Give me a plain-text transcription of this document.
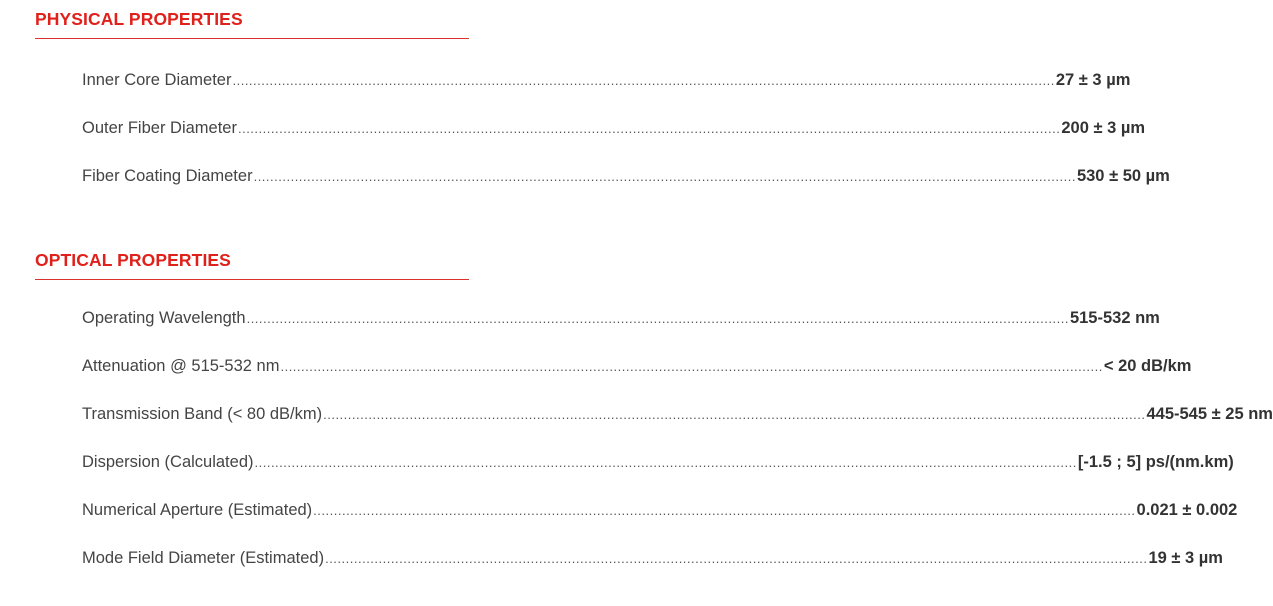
PHYSICAL PROPERTIES
Inner Core Diameter ........................................................................................................................................................................................................ 27 ± 3 µm
Outer Fiber Diameter ........................................................................................................................................................................................................ 200 ± 3 µm
Fiber Coating Diameter ........................................................................................................................................................................................................ 530 ± 50 µm
OPTICAL PROPERTIES
Operating Wavelength ........................................................................................................................................................................................................ 515-532 nm
Attenuation @ 515-532 nm ........................................................................................................................................................................................................ < 20 dB/km
Transmission Band (< 80 dB/km) ........................................................................................................................................................................................................ 445-545 ± 25 nm
Dispersion (Calculated) ........................................................................................................................................................................................................ [-1.5 ; 5] ps/(nm.km)
Numerical Aperture (Estimated) ........................................................................................................................................................................................................ 0.021 ± 0.002
Mode Field Diameter (Estimated) ........................................................................................................................................................................................................ 19 ± 3 µm
